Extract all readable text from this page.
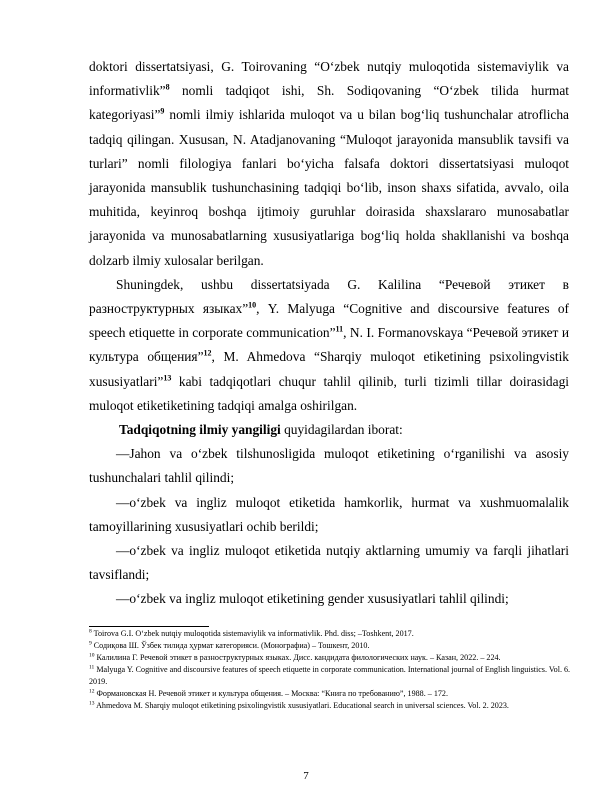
doktori dissertatsiyasi, G. Toirovaning “O‘zbek nutqiy muloqotida sistemaviylik va informativlik”$^8$ nomli tadqiqot ishi, Sh. Sodiqovaning “O‘zbek tilida hurmat kategoriyasi”$^9$ nomli ilmiy ishlarida muloqot va u bilan bog‘liq tushunchalar atroflicha tadqiq qilingan. Xususan, N. Atadjanovaning “Muloqot jarayonida mansublik tavsifi va turlari” nomli filologiya fanlari bo‘yicha falsafa doktori dissertatsiyasi muloqot jarayonida mansublik tushunchasining tadqiqi bo‘lib, inson shaxs sifatida, avvalo, oila muhitida, keyinroq boshqa ijtimoiy guruhlar doirasida shaxslararo munosabatlar jarayonida va munosabatlarning xususiyatlariga bog‘liq holda shakllanishi va boshqa dolzarb ilmiy xulosalar berilgan.

Shuningdek, ushbu dissertatsiyada G. Kalilina “Речевой этикет в разноструктурных языках”$^{10}$, Y. Malyuga “Cognitive and discoursive features of speech etiquette in corporate communication”$^{11}$, N. I. Formanovskaya “Речевой этикет и культура общения”$^{12}$, M. Ahmedova “Sharqiy muloqot etiketining psixolingvistik xususiyatlari”$^{13}$ kabi tadqiqotlari chuqur tahlil qilinib, turli tizimli tillar doirasidagi muloqot etiketiketining tadqiqi amalga oshirilgan.

Tadqiqotning ilmiy yangiligi quyidagilardan iborat:

—Jahon va o‘zbek tilshunosligida muloqot etiketining o‘rganilishi va asosiy tushunchalari tahlil qilindi;

—o‘zbek va ingliz muloqot etiketida hamkorlik, hurmat va xushmuomalalik tamoyillarining xususiyatlari ochib berildi;

—o‘zbek va ingliz muloqot etiketida nutqiy aktlarning umumiy va farqli jihatlari tavsiflandi;

—o‘zbek va ingliz muloqot etiketining gender xususiyatlari tahlil qilindi;

$^8$ Toirova G.I. O‘zbek nutqiy muloqotida sistemaviylik va informativlik. Phd. diss; –Toshkent, 2017.

$^9$ Содиқова Ш. Ўзбек тилида ҳурмат категорияси. (Монографиа) – Тошкент, 2010.

$^{10}$ Калилина Г. Речевой этикет в разноструктурных языках. Дисс. кандидата филологических наук. – Казан, 2022. – 224.

$^{11}$ Malyuga Y. Cognitive and discoursive features of speech etiquette in corporate communication. International journal of English linguistics. Vol. 6. 2019.

$^{12}$ Формановская Н. Речевой этикет и культура общения. – Москва: “Книга по требованию”, 1988. – 172.

$^{13}$ Ahmedova M. Sharqiy muloqot etiketining psixolingvistik xususiyatlari. Educational search in universal sciences. Vol. 2. 2023.

7
